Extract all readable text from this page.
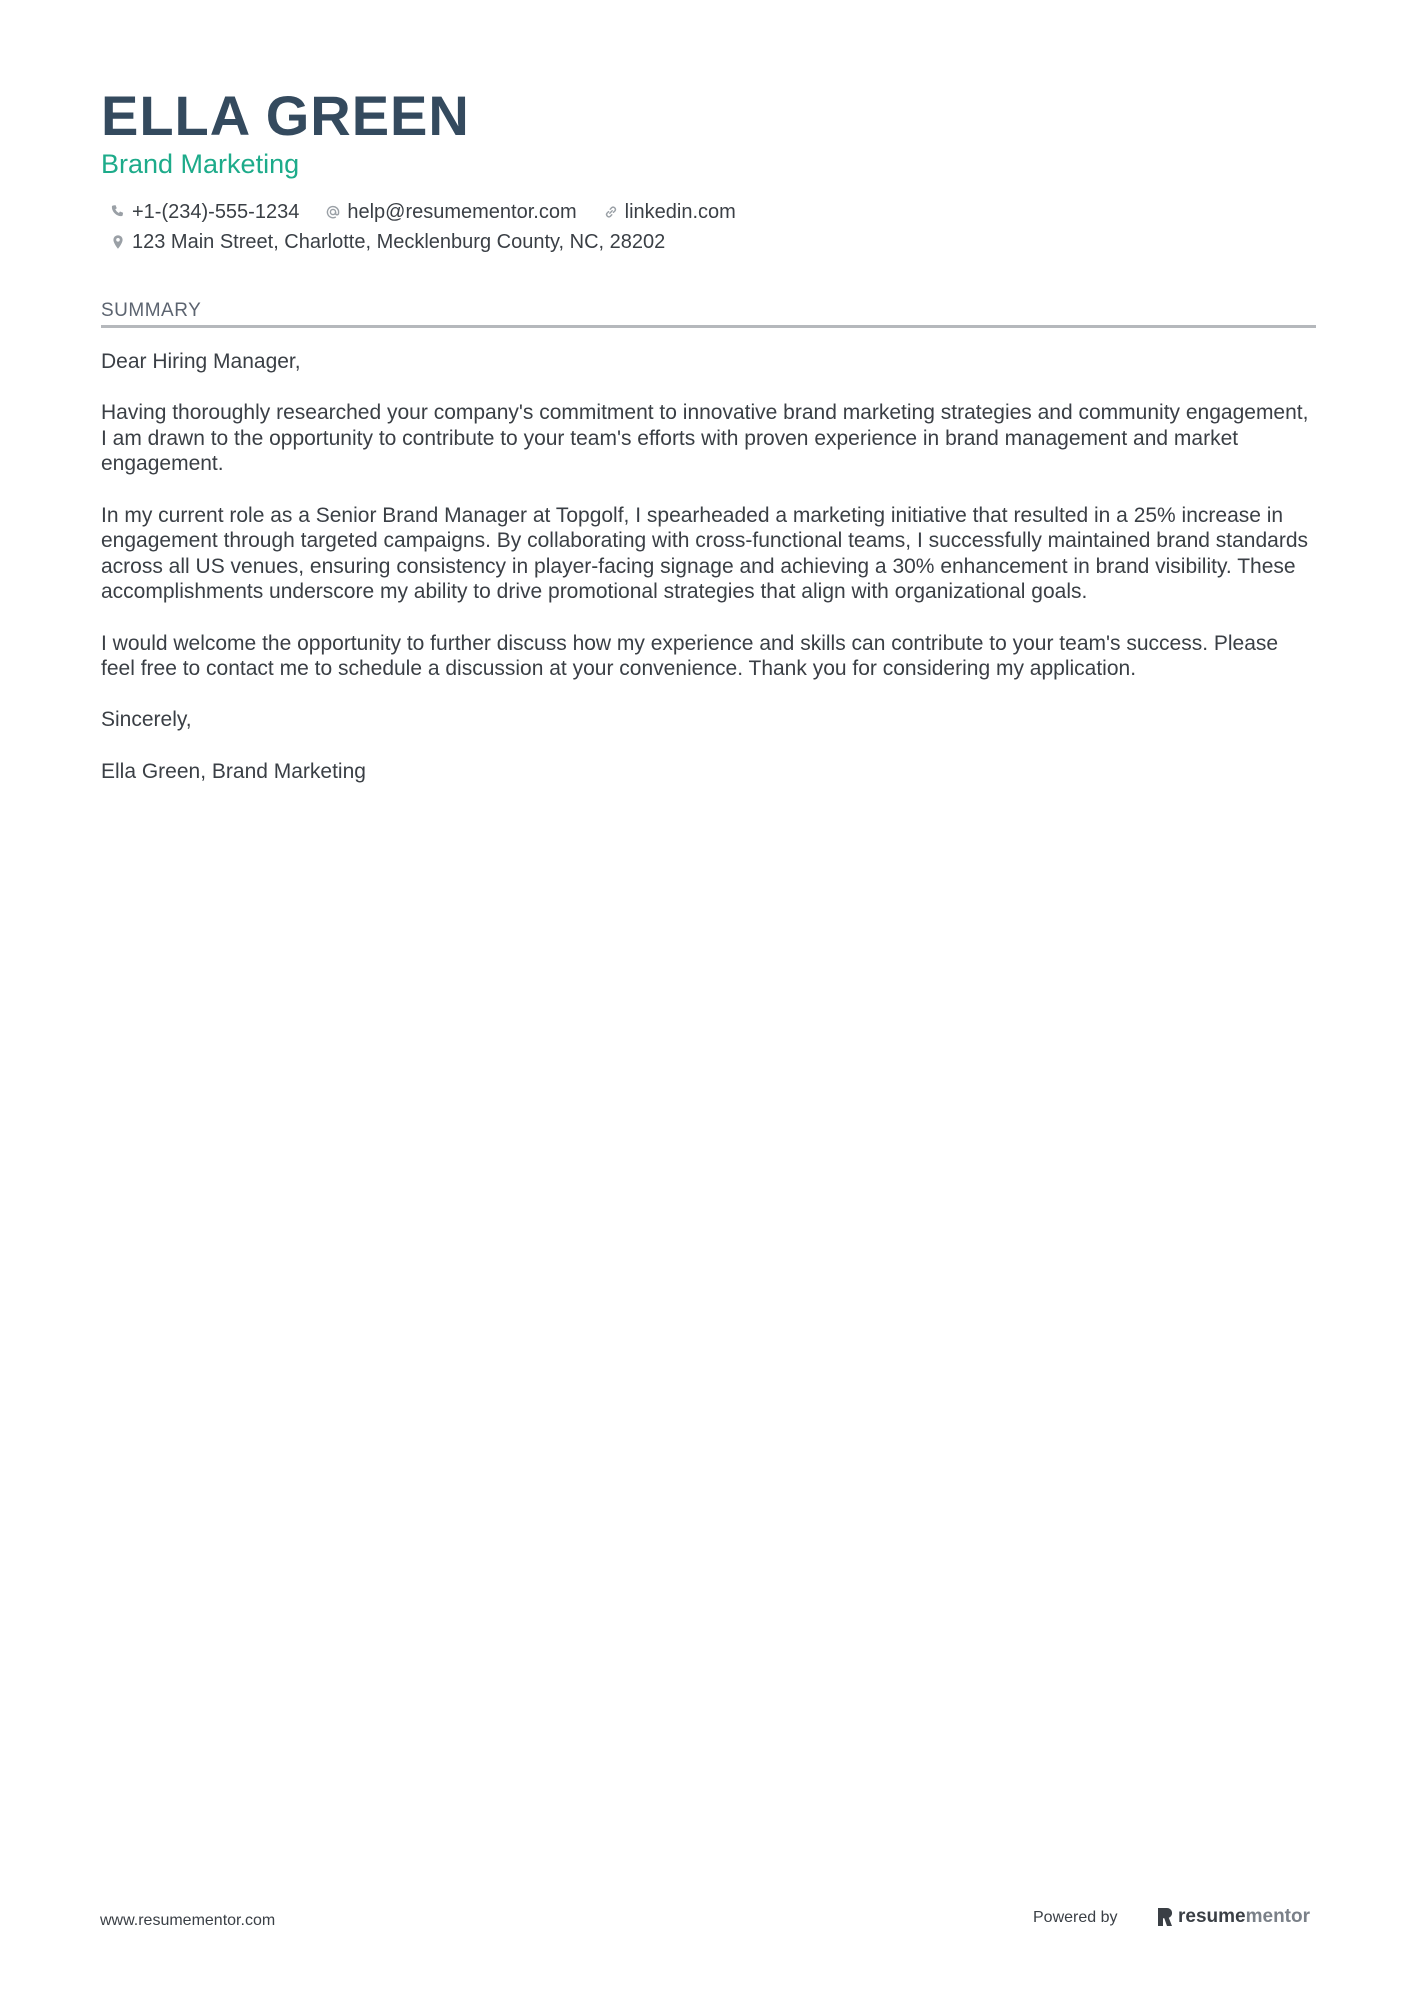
ELLA GREEN
Brand Marketing
+1-(234)-555-1234 help@resumementor.com linkedin.com
123 Main Street, Charlotte, Mecklenburg County, NC, 28202
SUMMARY

Dear Hiring Manager,

Having thoroughly researched your company's commitment to innovative brand marketing strategies and community engagement, I am drawn to the opportunity to contribute to your team's efforts with proven experience in brand management and market engagement.

In my current role as a Senior Brand Manager at Topgolf, I spearheaded a marketing initiative that resulted in a 25% increase in engagement through targeted campaigns. By collaborating with cross-functional teams, I successfully maintained brand standards across all US venues, ensuring consistency in player-facing signage and achieving a 30% enhancement in brand visibility. These accomplishments underscore my ability to drive promotional strategies that align with organizational goals.

I would welcome the opportunity to further discuss how my experience and skills can contribute to your team's success. Please feel free to contact me to schedule a discussion at your convenience. Thank you for considering my application.

Sincerely,

Ella Green, Brand Marketing

www.resumementor.com	Powered by	resume mentor
